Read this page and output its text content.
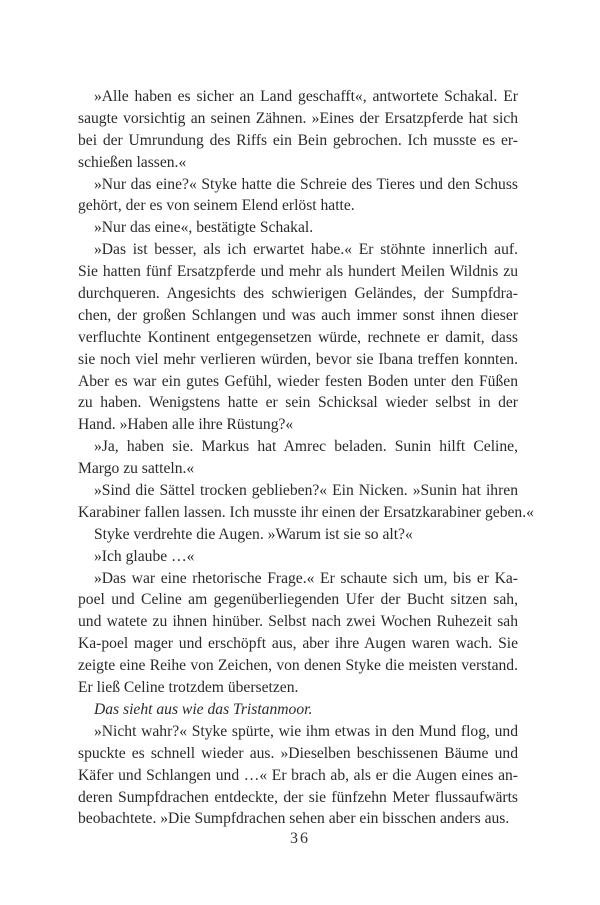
»Alle haben es sicher an Land geschafft«, antwortete Schakal. Er
saugte vorsichtig an seinen Zähnen. »Eines der Ersatzpferde hat sich
bei der Umrundung des Riffs ein Bein gebrochen. Ich musste es er-
schießen lassen.«
»Nur das eine?« Styke hatte die Schreie des Tieres und den Schuss
gehört, der es von seinem Elend erlöst hatte.
»Nur das eine«, bestätigte Schakal.
»Das ist besser, als ich erwartet habe.« Er stöhnte innerlich auf.
Sie hatten fünf Ersatzpferde und mehr als hundert Meilen Wildnis zu
durchqueren. Angesichts des schwierigen Geländes, der Sumpfdra-
chen, der großen Schlangen und was auch immer sonst ihnen dieser
verfluchte Kontinent entgegensetzen würde, rechnete er damit, dass
sie noch viel mehr verlieren würden, bevor sie Ibana treffen konnten.
Aber es war ein gutes Gefühl, wieder festen Boden unter den Füßen
zu haben. Wenigstens hatte er sein Schicksal wieder selbst in der
Hand. »Haben alle ihre Rüstung?«
»Ja, haben sie. Markus hat Amrec beladen. Sunin hilft Celine,
Margo zu satteln.«
»Sind die Sättel trocken geblieben?« Ein Nicken. »Sunin hat ihren
Karabiner fallen lassen. Ich musste ihr einen der Ersatzkarabiner geben.«
Styke verdrehte die Augen. »Warum ist sie so alt?«
»Ich glaube …«
»Das war eine rhetorische Frage.« Er schaute sich um, bis er Ka-
poel und Celine am gegenüberliegenden Ufer der Bucht sitzen sah,
und watete zu ihnen hinüber. Selbst nach zwei Wochen Ruhezeit sah
Ka-poel mager und erschöpft aus, aber ihre Augen waren wach. Sie
zeigte eine Reihe von Zeichen, von denen Styke die meisten verstand.
Er ließ Celine trotzdem übersetzen.
Das sieht aus wie das Tristanmoor.
»Nicht wahr?« Styke spürte, wie ihm etwas in den Mund flog, und
spuckte es schnell wieder aus. »Dieselben beschissenen Bäume und
Käfer und Schlangen und …« Er brach ab, als er die Augen eines an-
deren Sumpfdrachen entdeckte, der sie fünfzehn Meter flussaufwärts
beobachtete. »Die Sumpfdrachen sehen aber ein bisschen anders aus.
36
